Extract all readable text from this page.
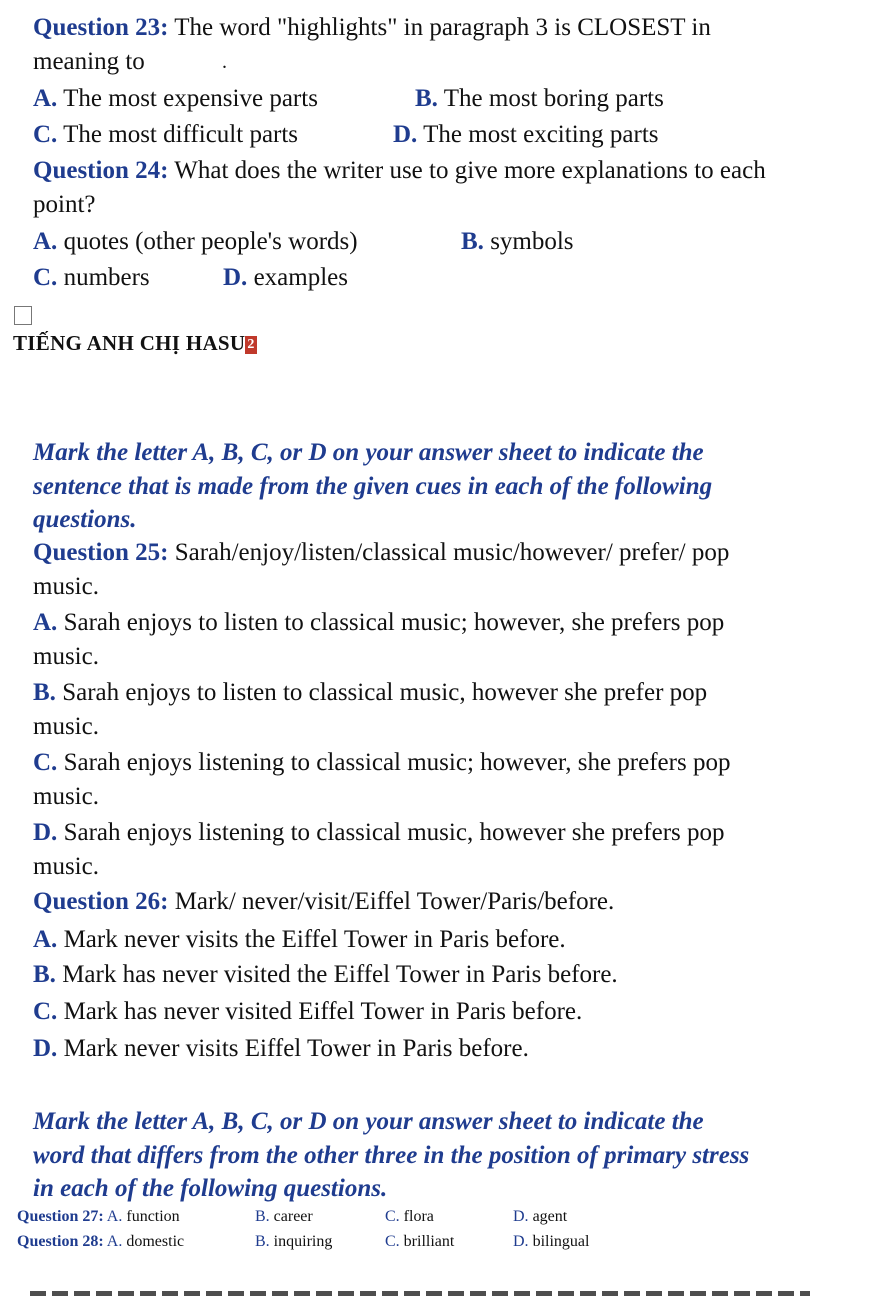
Question 23: The word "highlights" in paragraph 3 is CLOSEST in
meaning to	.
A. The most expensive parts	B. The most boring parts
C. The most difficult parts	D. The most exciting parts
Question 24: What does the writer use to give more explanations to each
point?
A. quotes (other people's words)	B. symbols
C. numbers	D. examples
TIẾNG ANH CHỊ HASU 2
Mark the letter A, B, C, or D on your answer sheet to indicate the
sentence that is made from the given cues in each of the following
questions.
Question 25: Sarah/enjoy/listen/classical music/however/ prefer/ pop
music.
A. Sarah enjoys to listen to classical music; however, she prefers pop
music.
B. Sarah enjoys to listen to classical music, however she prefer pop
music.
C. Sarah enjoys listening to classical music; however, she prefers pop
music.
D. Sarah enjoys listening to classical music, however she prefers pop
music.
Question 26: Mark/ never/visit/Eiffel Tower/Paris/before.
A. Mark never visits the Eiffel Tower in Paris before.
B. Mark has never visited the Eiffel Tower in Paris before.
C. Mark has never visited Eiffel Tower in Paris before.
D. Mark never visits Eiffel Tower in Paris before.
Mark the letter A, B, C, or D on your answer sheet to indicate the
word that differs from the other three in the position of primary stress
in each of the following questions.
Question 27: A. function	B. career	C. flora	D. agent
Question 28: A. domestic	B. inquiring	C. brilliant	D. bilingual
